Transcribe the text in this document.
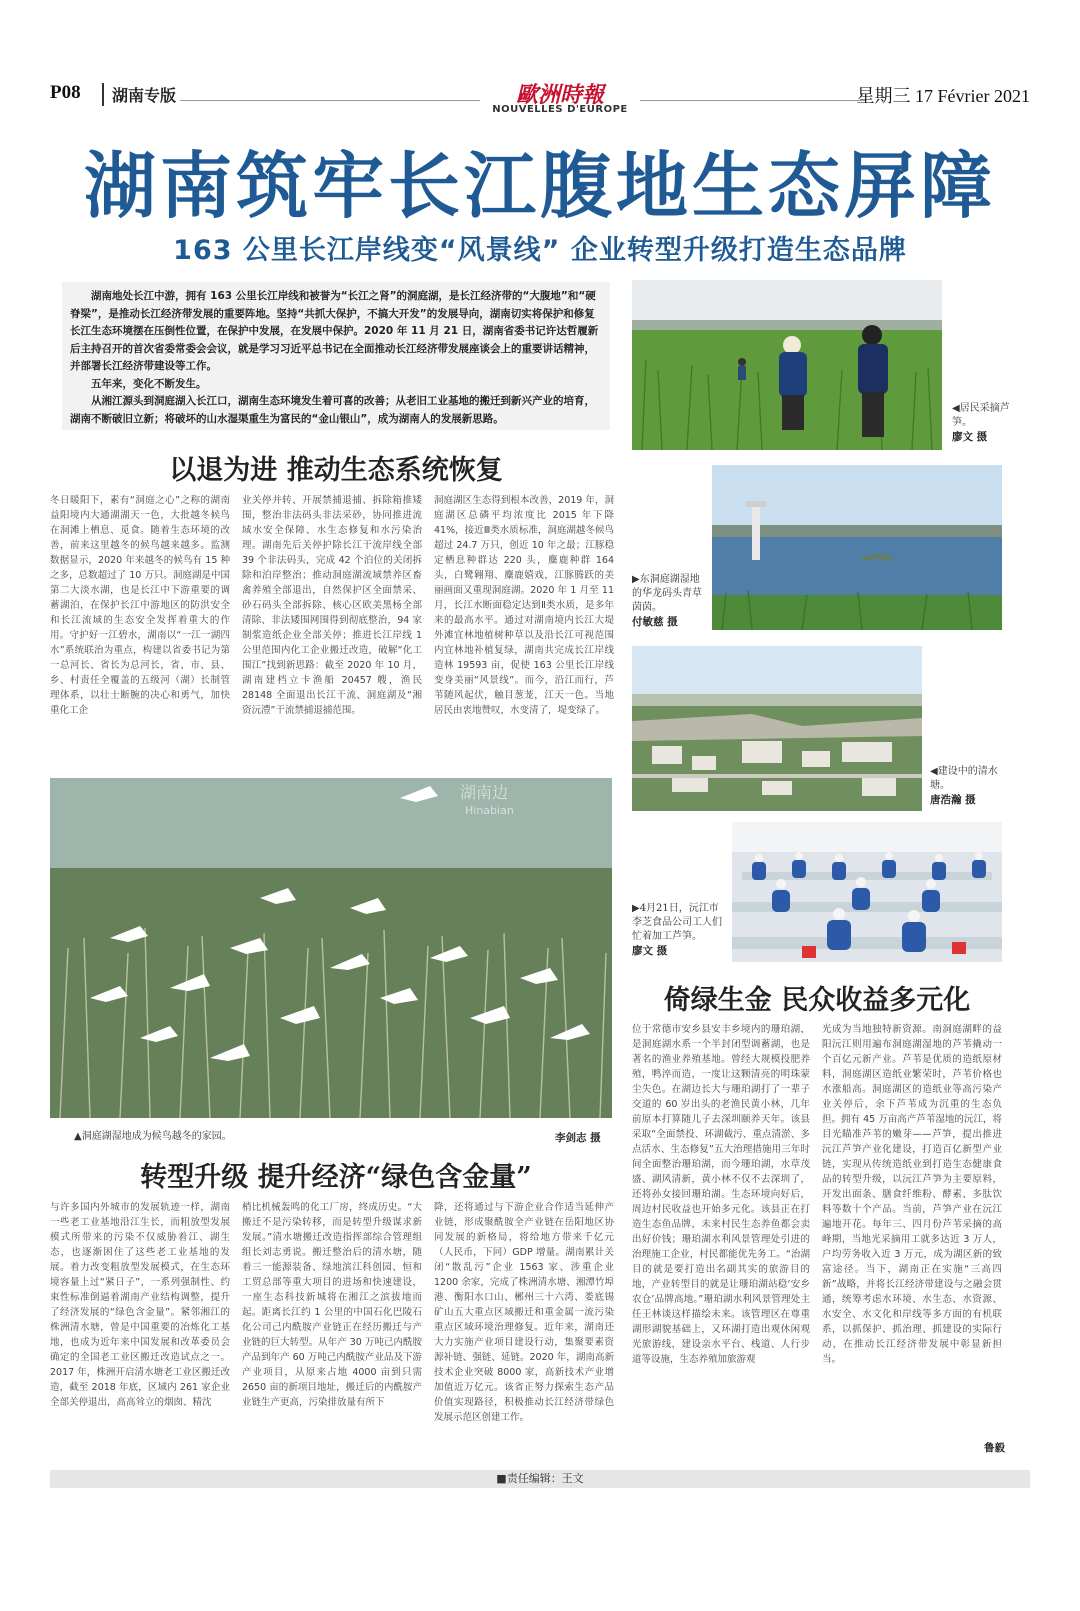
P08	湖南专版	歐洲時報
NOUVELLES D'EUROPE
星期三 17 Février 2021
湖南筑牢长江腹地生态屏障
163 公里长江岸线变“风景线” 企业转型升级打造生态品牌

湖南地处长江中游，拥有 163 公里长江岸线和被誉为“长江之肾”的洞庭湖，是长江经济带的“大腹地”和“硬脊梁”，是推动长江经济带发展的重要阵地。坚持“共抓大保护，不搞大开发”的发展导向，湖南切实将保护和修复长江生态环境摆在压倒性位置，在保护中发展，在发展中保护。2020 年 11 月 21 日，湖南省委书记许达哲履新后主持召开的首次省委常委会会议，就是学习习近平总书记在全面推动长江经济带发展座谈会上的重要讲话精神，并部署长江经济带建设等工作。

五年来，变化不断发生。

从湘江源头到洞庭湖入长江口，湖南生态环境发生着可喜的改善；从老旧工业基地的搬迁到新兴产业的培育，湖南不断破旧立新；将破坏的山水湿渠重生为富民的“金山银山”，成为湖南人的发展新思路。

◀居民采摘芦笋。
廖文 摄
以退为进 推动生态系统恢复
冬日暖阳下，素有“洞庭之心”之称的湖南益阳境内大通湖湖天一色，大批越冬候鸟在洞滩上栖息、觅食。随着生态环境的改善，前来这里越冬的候鸟越来越多。监测数据显示，2020 年来越冬的候鸟有 15 种之多，总数超过了 10 万只。洞庭湖是中国第二大淡水湖，也是长江中下游重要的调蓄湖泊，在保护长江中游地区的防洪安全和长江流域的生态安全发挥着重大的作用。守护好一江碧水，湖南以“一江一湖四水”系统联治为重点，构建以省委书记为第一总河长、省长为总河长，省、市、县、乡、村责任全覆盖的五级河（湖）长制管理体系，以壮士断腕的决心和勇气，加快重化工企
业关停并转、开展禁捕退捕、拆除箱推矮围，整治非法码头非法采砂，协同推进流域水安全保障、水生态修复和水污染治理。湖南先后关停护除长江干流岸线全部 39 个非法码头，完成 42 个泊位的关闭拆除和泊岸整治；推动洞庭湖流域禁养区畜禽养殖全部退出，自然保护区全面禁采、砂石码头全部拆除、核心区欧美黑杨全部清除、非法矮围网围得到彻底整治，94 家制浆造纸企业全部关停；推进长江岸线 1 公里范围内化工企业搬迁改造，破解“化工围江”找到新思路：截至 2020 年 10 月，湖南建档立卡渔船 20457 艘，渔民 28148 全面退出长江干流、洞庭湖及“湘资沅澧”干流禁捕退捕范围。
洞庭湖区生态得到根本改善，2019 年，洞庭湖区总磷平均浓度比 2015 年下降 41%，接近Ⅲ类水质标准，洞庭湖越冬候鸟超过 24.7 万只，创近 10 年之最；江豚稳定栖息种群达 220 头，麋鹿种群 164 头，白鹭翱翔、麋鹿嬉戏，江豚腾跃的美丽画面又重现洞庭湖。2020 年 1 月至 11 月，长江水断面稳定达到Ⅱ类水质，是多年来的最高水平。通过对湖南境内长江大堤外滩宜林地植树种草以及沿长江可视范围内宜林地补植复绿，湖南共完成长江岸线造林 19593 亩，促使 163 公里长江岸线变身美丽“风景线”。而今，沿江而行，芦苇随风起伏，触目葱茏，江天一色。当地居民由衷地赞叹，水变清了，堤变绿了。
▶东洞庭湖湿地的华龙码头青草茵茵。
付敏慈 摄
◀建设中的清水塘。
唐浩瀚 摄
湖南边
Hinabian
▲洞庭湖湿地成为候鸟越冬的家园。	李剑志 摄
▶4月21日，沅江市李芝食品公司工人们忙着加工芦笋。
廖文 摄
倚绿生金 民众收益多元化
位于常德市安乡县安丰乡境内的珊珀湖，是洞庭湖水系一个半封闭型调蓄湖，也是著名的渔业养殖基地。曾经大规模投肥养殖，鸭淬而造，一度让这颗清亮的明珠蒙尘失色。在湖边长大与珊珀湖打了一辈子交道的 60 岁出头的老渔民黄小林，几年前原本打算随儿子去深圳颐养天年。该县采取“全面禁投、环湖截污、重点清淤、多点活水、生态修复”五大治理措施用三年时间全面整治珊珀湖，而今珊珀湖，水草茂盛、湖风清新，黄小林不仅不去深圳了，还将孙女接回珊珀湖。生态环境向好后，周边村民收益也开始多元化。该县正在打造生态鱼品牌，未来村民生态养鱼都会卖出好价钱；珊珀湖水利风景管理处引进的治理施工企业，村民都能优先务工。“治湖目的就是要打造出名副其实的旅游目的地，产业转型目的就是让珊珀湖站稳‘安乡农仓’品牌高地。”珊珀湖水利风景管理处主任王林谈这样描绘未来。该管理区在尊重湖形湖貌基础上，又环湖打造出观休闲观光旅游线，建设亲水平台、栈道、人行步道等设施，生态养殖加旅游观
光成为当地独特新资源。南洞庭湖畔的益阳沅江则用遍布洞庭湖湿地的芦苇撬动一个百亿元新产业。芦苇是优质的造纸原材料，洞庭湖区造纸业繁荣时，芦苇价格也水涨船高。洞庭湖区的造纸业等高污染产业关停后，余下芦苇成为沉重的生态负担。拥有 45 万亩高产芦苇湿地的沅江，将目光瞄准芦苇的嫩芽——芦笋，提出推进沅江芦笋产业化建设，打造百亿新型产业链，实现从传统造纸业到打造生态健康食品的转型升级，以沅江芦笋为主要原料，开发出面条、膳食纤维粉、酵素、多肽饮料等数十个产品。当前，芦笋产业在沅江遍地开花。每年三、四月份芦苇采摘的高峰期，当地光采摘用工就多达近 3 万人，户均劳务收入近 3 万元，成为湖区新的致富途径。当下，湖南正在实施“三高四新”战略，并将长江经济带建设与之融会贯通，统筹考虑水环境、水生态、水资源、水安全、水文化和岸线等多方面的有机联系，以抓保护、抓治理、抓建设的实际行动，在推动长江经济带发展中彰显新担当。
鲁毅
转型升级 提升经济“绿色含金量”
与许多国内外城市的发展轨迹一样，湖南一些老工业基地沿江生长，而粗放型发展模式所带来的污染不仅威胁着江、湖生态，也逐渐困住了这些老工业基地的发展。着力改变粗放型发展模式，在生态环境容量上过“紧日子”，一系列强制性、约束性标准倒逼着湖南产业结构调整，提升了经济发展的“绿色含金量”。紧邻湘江的株洲清水塘，曾是中国重要的冶炼化工基地，也成为近年来中国发展和改革委员会确定的全国老工业区搬迁改造试点之一。2017 年，株洲开启清水塘老工业区搬迁改造，截至 2018 年底，区域内 261 家企业全部关停退出，高高耸立的烟囱、精沈
梢比机械轰鸣的化工厂房，终成历史。“大搬迁不是污染转移，而是转型升级谋求新发展。”清水塘搬迁改造指挥部综合管理组组长刘志勇说。搬迁整治后的清水塘，随着三一能源装备、绿地滨江科创园、恒和工贸总部等重大项目的进场和快速建设，一座生态科技新城将在湘江之滨拔地而起。距离长江约 1 公里的中国石化巴陵石化公司己内酰胺产业链正在经历搬迁与产业链的巨大转型。从年产 30 万吨己内酰胺产品到年产 60 万吨己内酰胺产业品及下游产业项目，从原来占地 4000 亩到只需 2650 亩的新项目地址，搬迁后的内酰胺产业链生产更高，污染排放量有所下
降，还将通过与下游企业合作适当延伸产业链，形成聚酰胺全产业链在岳阳地区协同发展的新格局，将给地方带来千亿元（人民币，下同）GDP 增量。湖南累计关闭“散乱污”企业 1563 家、涉重企业 1200 余家，完成了株洲清水塘、湘潭竹埠港、衡阳水口山、郴州三十六湾、娄底锡矿山五大重点区域搬迁和重金属一流污染重点区域环境治理修复。近年来，湖南还大力实施产业项目建设行动，集聚要素资源补链、强链、延链。2020 年，湖南高新技术企业突破 8000 家，高新技术产业增加值近万亿元。该省正努力探索生态产品价值实现路径，积极推动长江经济带绿色发展示范区创建工作。
■责任编辑：王文
